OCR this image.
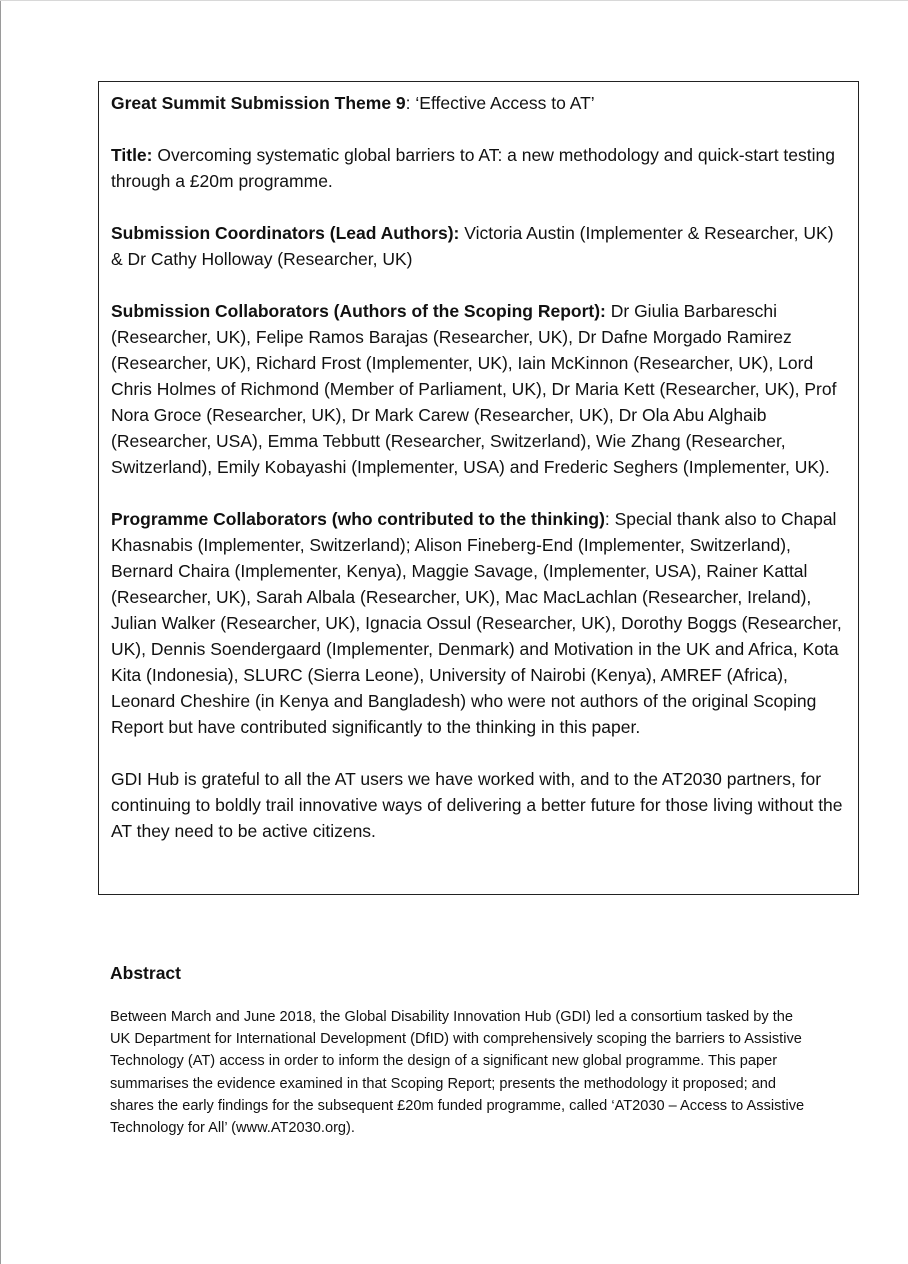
Great Summit Submission Theme 9: ‘Effective Access to AT’

Title: Overcoming systematic global barriers to AT: a new methodology and quick-start testing through a £20m programme.

Submission Coordinators (Lead Authors): Victoria Austin (Implementer & Researcher, UK) & Dr Cathy Holloway (Researcher, UK)

Submission Collaborators (Authors of the Scoping Report): Dr Giulia Barbareschi (Researcher, UK), Felipe Ramos Barajas (Researcher, UK), Dr Dafne Morgado Ramirez (Researcher, UK), Richard Frost (Implementer, UK), Iain McKinnon (Researcher, UK), Lord Chris Holmes of Richmond (Member of Parliament, UK), Dr Maria Kett (Researcher, UK), Prof Nora Groce (Researcher, UK), Dr Mark Carew (Researcher, UK), Dr Ola Abu Alghaib (Researcher, USA), Emma Tebbutt (Researcher, Switzerland), Wie Zhang (Researcher, Switzerland), Emily Kobayashi (Implementer, USA) and Frederic Seghers (Implementer, UK).

Programme Collaborators (who contributed to the thinking): Special thank also to Chapal Khasnabis (Implementer, Switzerland); Alison Fineberg-End (Implementer, Switzerland), Bernard Chaira (Implementer, Kenya), Maggie Savage, (Implementer, USA), Rainer Kattal (Researcher, UK), Sarah Albala (Researcher, UK), Mac MacLachlan (Researcher, Ireland), Julian Walker (Researcher, UK), Ignacia Ossul (Researcher, UK), Dorothy Boggs (Researcher, UK), Dennis Soendergaard (Implementer, Denmark) and Motivation in the UK and Africa, Kota Kita (Indonesia), SLURC (Sierra Leone), University of Nairobi (Kenya), AMREF (Africa), Leonard Cheshire (in Kenya and Bangladesh) who were not authors of the original Scoping Report but have contributed significantly to the thinking in this paper.

GDI Hub is grateful to all the AT users we have worked with, and to the AT2030 partners, for continuing to boldly trail innovative ways of delivering a better future for those living without the AT they need to be active citizens.

Abstract

Between March and June 2018, the Global Disability Innovation Hub (GDI) led a consortium tasked by the UK Department for International Development (DfID) with comprehensively scoping the barriers to Assistive Technology (AT) access in order to inform the design of a significant new global programme. This paper summarises the evidence examined in that Scoping Report; presents the methodology it proposed; and shares the early findings for the subsequent £20m funded programme, called ‘AT2030 – Access to Assistive Technology for All’ (www.AT2030.org).
